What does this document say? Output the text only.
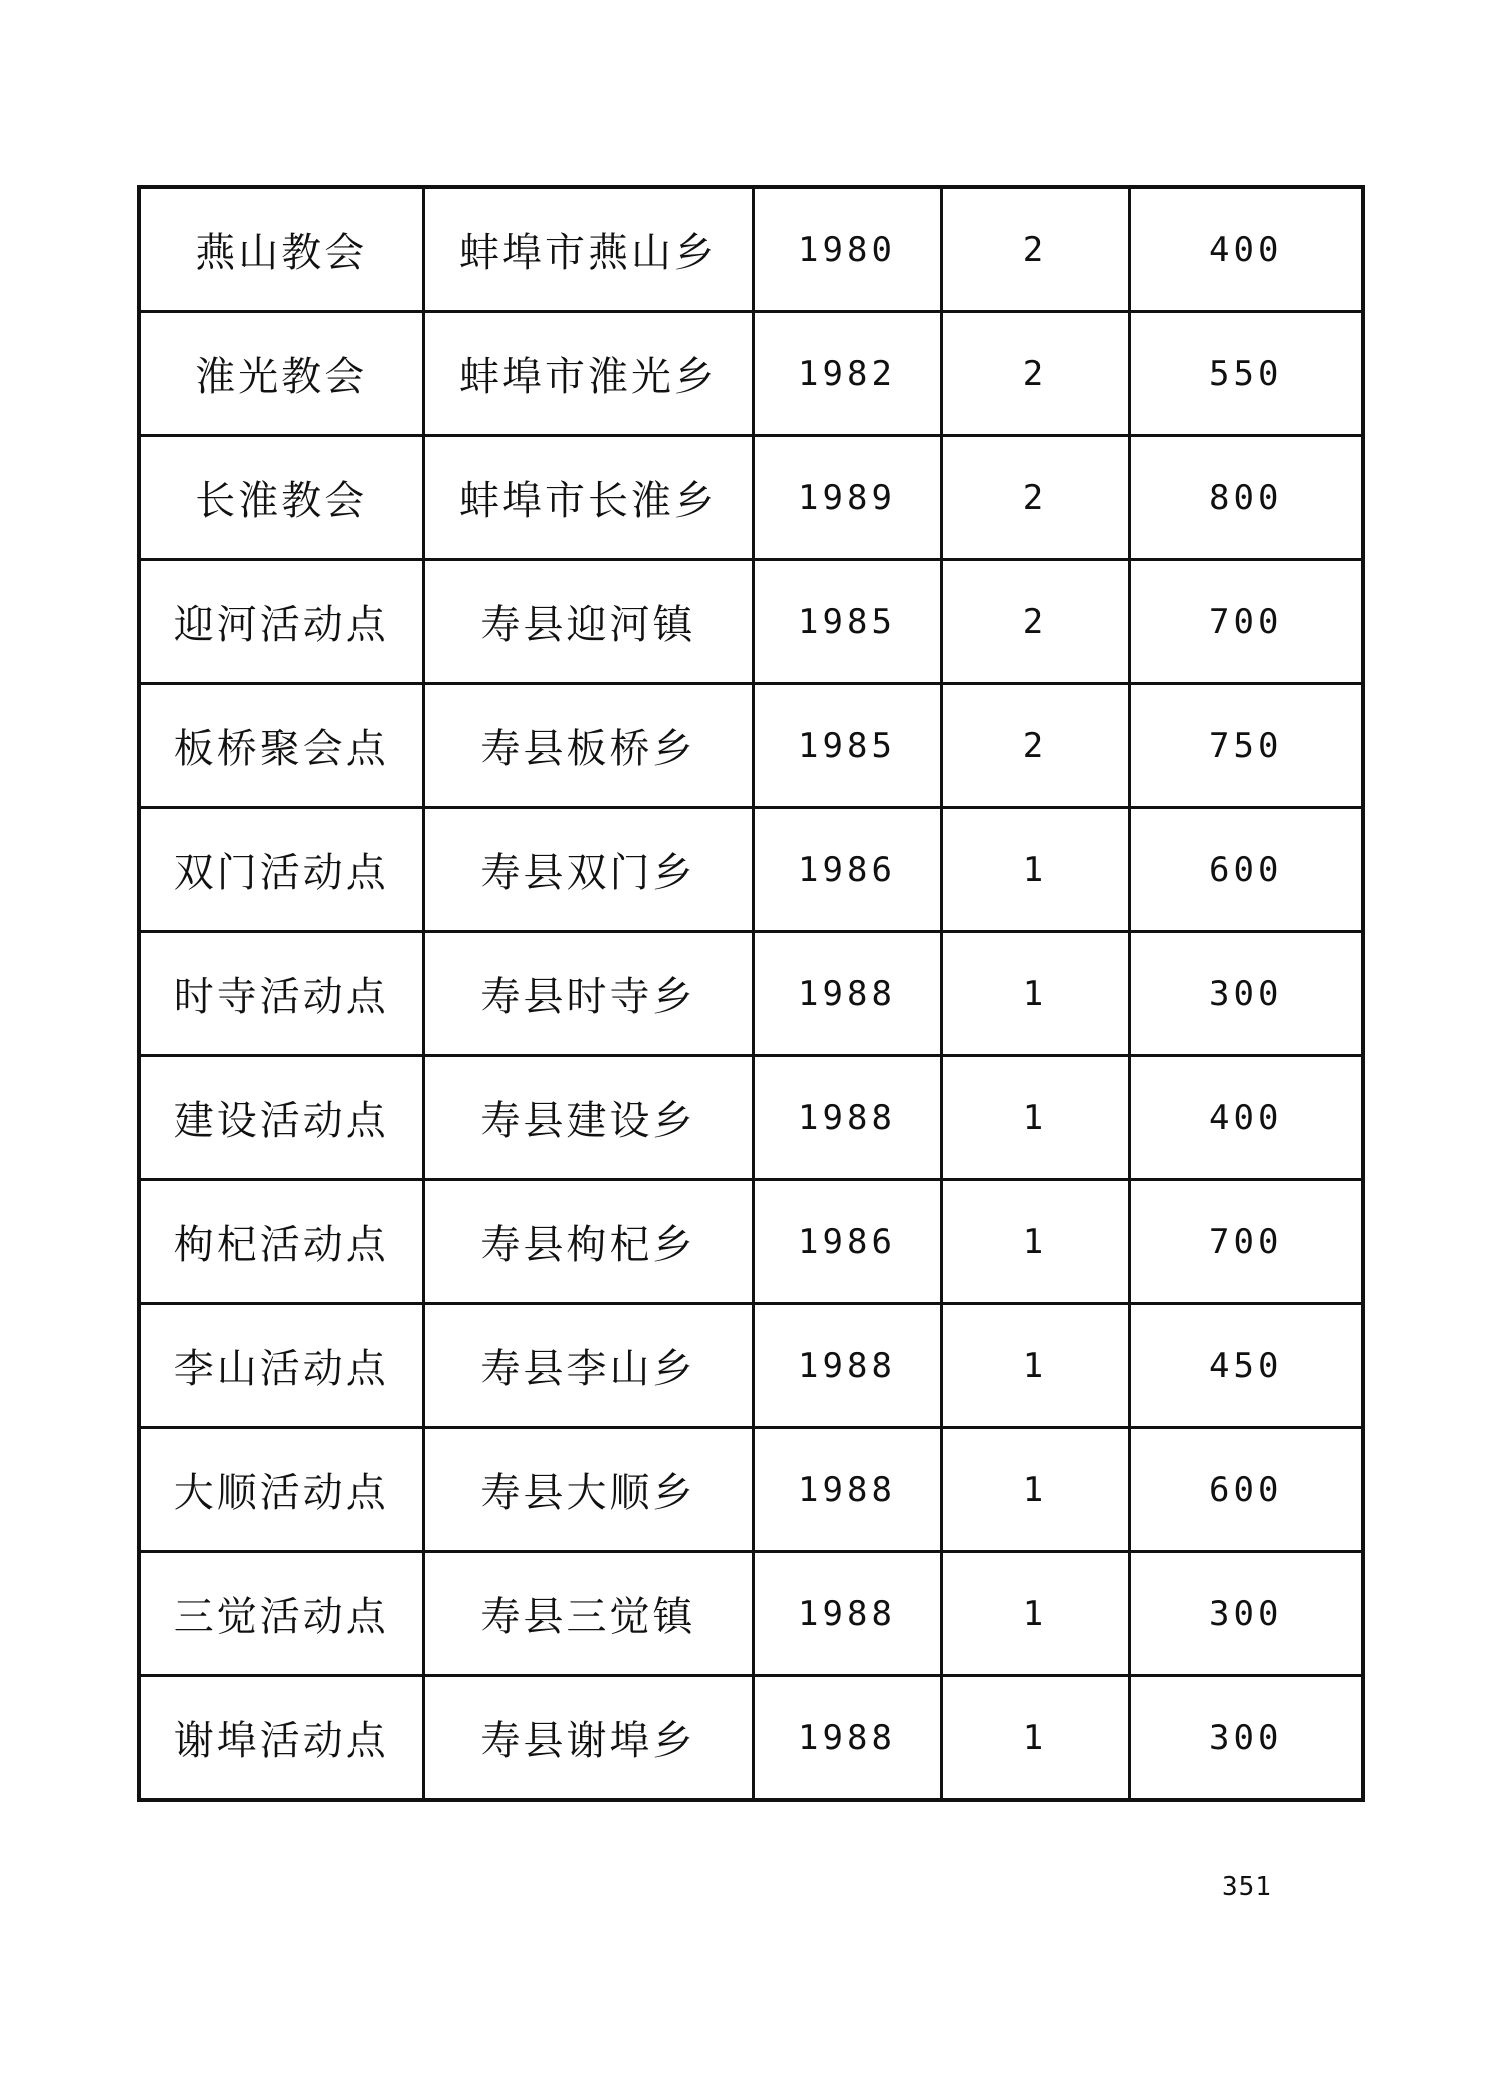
燕山教会	蚌埠市燕山乡	1980	2	400
淮光教会	蚌埠市淮光乡	1982	2	550
长淮教会	蚌埠市长淮乡	1989	2	800
迎河活动点	寿县迎河镇	1985	2	700
板桥聚会点	寿县板桥乡	1985	2	750
双门活动点	寿县双门乡	1986	1	600
时寺活动点	寿县时寺乡	1988	1	300
建设活动点	寿县建设乡	1988	1	400
枸杞活动点	寿县枸杞乡	1986	1	700
李山活动点	寿县李山乡	1988	1	450
大顺活动点	寿县大顺乡	1988	1	600
三觉活动点	寿县三觉镇	1988	1	300
谢埠活动点	寿县谢埠乡	1988	1	300
351
